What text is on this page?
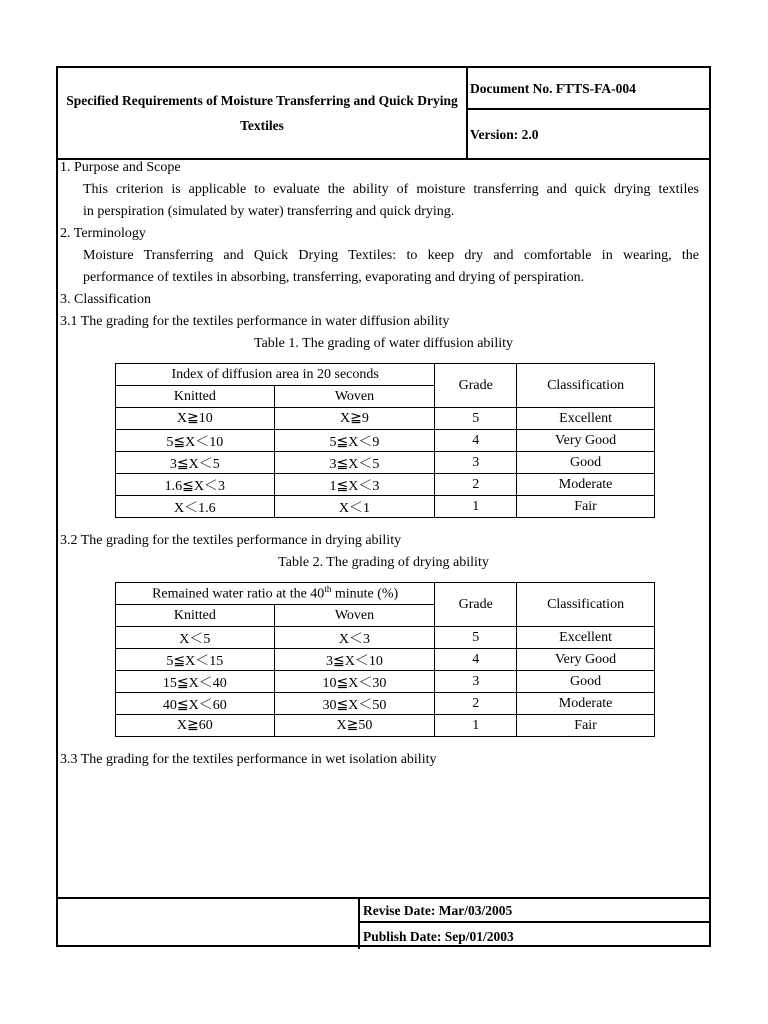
Specified Requirements of Moisture Transferring and Quick Drying Textiles
Document No. FTTS-FA-004
Version: 2.0
1. Purpose and Scope
This criterion is applicable to evaluate the ability of moisture transferring and quick drying textiles
in perspiration (simulated by water) transferring and quick drying.
2. Terminology
Moisture Transferring and Quick Drying Textiles: to keep dry and comfortable in wearing, the
performance of textiles in absorbing, transferring, evaporating and drying of perspiration.
3. Classification
3.1 The grading for the textiles performance in water diffusion ability
Table 1. The grading of water diffusion ability
Index of diffusion area in 20 seconds		Grade	Classification
Knitted	Woven		
X≧10	X≧9	5	Excellent
5≦X＜10	5≦X＜9	4	Very Good
3≦X＜5	3≦X＜5	3	Good
1.6≦X＜3	1≦X＜3	2	Moderate
X＜1.6	X＜1	1	Fair
3.2 The grading for the textiles performance in drying ability
Table 2. The grading of drying ability
Remained water ratio at the 40th minute (%)		Grade	Classification
Knitted	Woven		
X＜5	X＜3	5	Excellent
5≦X＜15	3≦X＜10	4	Very Good
15≦X＜40	10≦X＜30	3	Good
40≦X＜60	30≦X＜50	2	Moderate
X≧60	X≧50	1	Fair
3.3 The grading for the textiles performance in wet isolation ability
Revise Date: Mar/03/2005
Publish Date: Sep/01/2003
